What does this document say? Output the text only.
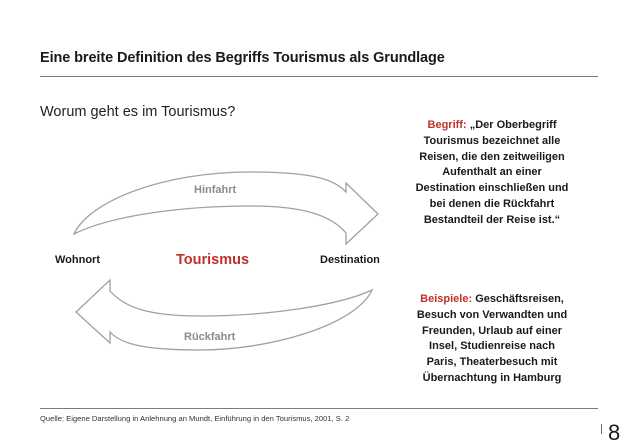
Eine breite Definition des Begriffs Tourismus als Grundlage
Worum geht es im Tourismus?
Hinfahrt
Rückfahrt
Wohnort	Tourismus	Destination
Begriff: „Der Oberbegriff
Tourismus bezeichnet alle
Reisen, die den zeitweiligen
Aufenthalt an einer
Destination einschließen und
bei denen die Rückfahrt
Bestandteil der Reise ist.“
Beispiele: Geschäftsreisen,
Besuch von Verwandten und
Freunden, Urlaub auf einer
Insel, Studienreise nach
Paris, Theaterbesuch mit
Übernachtung in Hamburg
Quelle: Eigene Darstellung in Anlehnung an Mundt, Einführung in den Tourismus, 2001, S. 2
8
